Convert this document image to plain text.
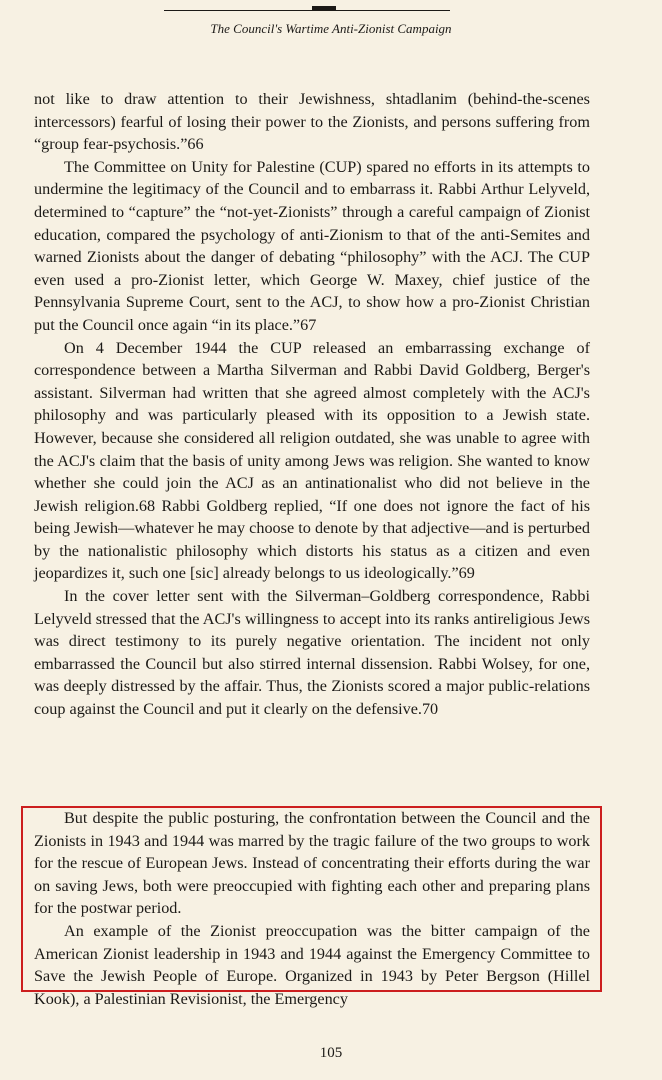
The Council's Wartime Anti-Zionist Campaign

not like to draw attention to their Jewishness, shtadlanim (behind-the-scenes intercessors) fearful of losing their power to the Zionists, and persons suffering from “group fear-psychosis.”66

The Committee on Unity for Palestine (CUP) spared no efforts in its attempts to undermine the legitimacy of the Council and to embarrass it. Rabbi Arthur Lelyveld, determined to “capture” the “not-yet-Zionists” through a careful campaign of Zionist education, compared the psychology of anti-Zionism to that of the anti-Semites and warned Zionists about the danger of debating “philosophy” with the ACJ. The CUP even used a pro-Zionist letter, which George W. Maxey, chief justice of the Pennsylvania Supreme Court, sent to the ACJ, to show how a pro-Zionist Christian put the Council once again “in its place.”67

On 4 December 1944 the CUP released an embarrassing exchange of correspondence between a Martha Silverman and Rabbi David Goldberg, Berger's assistant. Silverman had written that she agreed almost completely with the ACJ's philosophy and was particularly pleased with its opposition to a Jewish state. However, because she considered all religion outdated, she was unable to agree with the ACJ's claim that the basis of unity among Jews was religion. She wanted to know whether she could join the ACJ as an antinationalist who did not believe in the Jewish religion.68 Rabbi Goldberg replied, “If one does not ignore the fact of his being Jewish—whatever he may choose to denote by that adjective—and is perturbed by the nationalistic philosophy which distorts his status as a citizen and even jeopardizes it, such one [sic] already belongs to us ideologically.”69

In the cover letter sent with the Silverman–Goldberg correspondence, Rabbi Lelyveld stressed that the ACJ's willingness to accept into its ranks antireligious Jews was direct testimony to its purely negative orientation. The incident not only embarrassed the Council but also stirred internal dissension. Rabbi Wolsey, for one, was deeply distressed by the affair. Thus, the Zionists scored a major public-relations coup against the Council and put it clearly on the defensive.70

But despite the public posturing, the confrontation between the Council and the Zionists in 1943 and 1944 was marred by the tragic failure of the two groups to work for the rescue of European Jews. Instead of concentrating their efforts during the war on saving Jews, both were preoccupied with fighting each other and preparing plans for the postwar period.

An example of the Zionist preoccupation was the bitter campaign of the American Zionist leadership in 1943 and 1944 against the Emergency Committee to Save the Jewish People of Europe. Organized in 1943 by Peter Bergson (Hillel Kook), a Palestinian Revisionist, the Emergency

105
